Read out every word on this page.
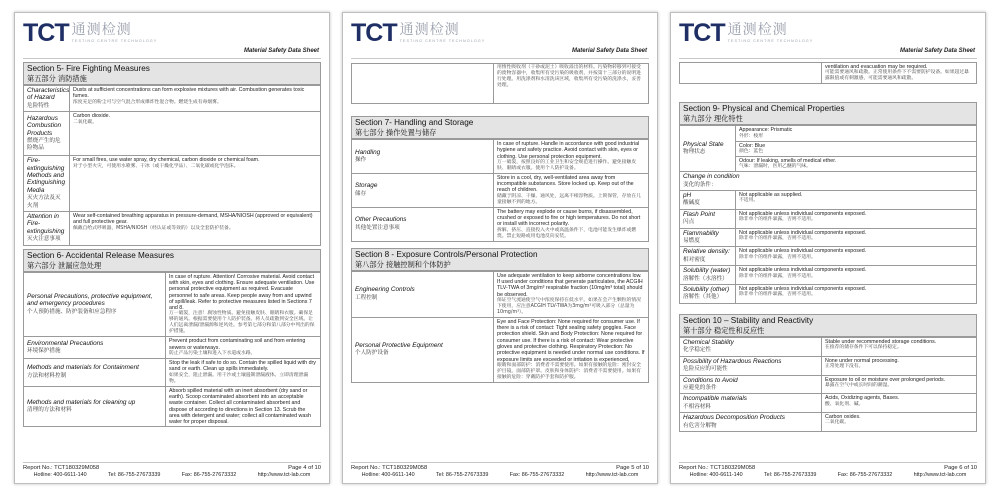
TCT 通测检测
TESTING CENTRE TECHNOLOGY
Material Safety Data Sheet
Section 5- Fire Fighting Measures
第五部分 消防措施
Characteristics of Hazard
危险特性	Dusts at sufficient concentrations can form explosive mixtures with air. Combustion generates toxic fumes.
浓度充足的粉尘可与空气混合形成爆炸性混合物。燃烧生成有毒烟雾。

Hazardous Combustion Products
燃烧产生的危险物品	Carbon dioxide.
二氧化碳。

Fire-extinguishing Methods and Extinguishing Media
灭火方法及灭火剂	For small fires, use water spray, dry chemical, carbon dioxide or chemical foam.
对于小型火灾，可使用水喷雾、干冰（或干燥化学品）、二氧化碳或化学泡沫。

Attention in Fire-extinguishing
灭火注意事项	Wear self-contained breathing apparatus in pressure-demand, MSHA/NIOSH (approved or equivalent) and full protective gear.
佩戴自给式呼吸器，MSHA/NIOSH（经认证或等效的）以及全套防护装备。
Section 6- Accidental Release Measures
第六部分 泄漏应急处理
Personal Precautions, protective equipment, and emergency procedures
个人预防措施、防护装备和应急程序	In case of rupture. Attention! Corrosive material. Avoid contact with skin, eyes and clothing. Ensure adequate ventilation. Use personal protective equipment as required. Evacuate personnel to safe areas. Keep people away from and upwind of spill/leak. Refer to protective measures listed in Sections 7 and 8.
万一破裂，注意！腐蚀性物质。避免接触皮肤、眼睛和衣服。确保足够的通风。根据需要使用个人防护装备。将人员疏散到安全区域。让人们远离泄漏/泄漏源和逆风处。参考第七部分和第八部分中列出的保护措施。

Environmental Precautions
环境保护措施	Prevent product from contaminating soil and from entering sewers or waterways.
防止产品污染土壤和进入下水道或水路。

Methods and materials for Containment
方法和材料控制	Stop the leak if safe to do so. Contain the spilled liquid with dry sand or earth. Clean up spills immediately.
如果安全，阻止泄漏。用干沙或土壤遏制泄漏液体。立即清理泄漏物。

Methods and materials for cleaning up
清理的方法和材料	Absorb spilled material with an inert absorbent (dry sand or earth). Scoop contaminated absorbent into an acceptable waste container. Collect all contaminated absorbent and dispose of according to directions in Section 13. Scrub the area with detergent and water; collect all contaminated wash water for proper disposal.
Report No.: TCT180329M058	Page 4 of 10
Hotline: 400-6611-140	Tel: 86-755-27673339	Fax: 86-755-27673332	http://www.tct-lab.com
TCT 通测检测
TESTING CENTRE TECHNOLOGY
Material Safety Data Sheet

用惰性吸收剂（干砂或泥土）吸收溢出的材料。污染物转移到可接受的废物容器中，收集所有受污染的吸收剂，并按第十三部分的说明进行处理。用洗涤剂和水清洗该区域，收集所有受污染的洗涤水，妥善处理。
Section 7- Handling and Storage
第七部分 操作处置与储存
Handling
操作	In case of rupture. Handle in accordance with good industrial hygiene and safety practice. Avoid contact with skin, eyes or clothing. Use personal protection equipment.
万一破裂，按照良好的工业卫生和安全规范进行操作。避免接触皮肤、眼睛或衣服。使用个人防护设备。

Storage
储存	Store in a cool, dry, well-ventilated area away from incompatible substances. Store locked up. Keep out of the reach of children.
储藏于阴凉、干燥、通风处，远离不相容物质。上锁保管，存放在儿童接触不到的地方。

Other Precautions
其他处置注意事项	The battery may explode or cause burns, if disassembled, crushed or exposed to fire or high temperatures. Do not short or install with incorrect polarity.
拆解、挤压、直接投入火中或高温条件下，电池可能发生爆炸或燃烧。禁止短路或用电池反向安装。
Section 8 - Exposure Controls/Personal Protection
第八部分 接触控制和个体防护
Engineering Controls
工程控制	Use adequate ventilation to keep airborne concentrations low. If used under conditions that generate particulates, the ACGIH TLV-TWA of 3mg/m³ respirable fraction (10mg/m³ total) should be observed.
保证空气流通使空气中浓度保持在低水平。如果在会产生颗粒的情况下使用，应注意ACGIH TLV-TWA为3mg/m³可吸入部分（总量为10mg/m³）。

Personal Protective Equipment
个人防护设备	Eye and Face Protection: None required for consumer use. If there is a risk of contact: Tight sealing safety goggles. Face protection shield. Skin and Body Protection: None required for consumer use. If there is a risk of contact: Wear protective gloves and protective clothing. Respiratory Protection: No protective equipment is needed under normal use conditions. If exposure limits are exceeded or irritation is experienced,
眼睛和面部防护：消费者不需要使用。如果有接触的危险：密封安全护目镜，面部防护罩。皮肤和身体防护：消费者不需要使用。如果有接触的危险：穿戴防护手套和防护服。
Report No.: TCT180329M058	Page 5 of 10
Hotline: 400-6611-140	Tel: 86-755-27673339	Fax: 86-755-27673332	http://www.tct-lab.com
TCT 通测检测
TESTING CENTRE TECHNOLOGY
Material Safety Data Sheet

ventilation and evacuation may be required.
可能需要通风和疏散。正常使用条件下不需要防护设备。如果超过暴露限值或有刺激感，可能需要通风和疏散。
Section 9- Physical and Chemical Properties
第九部分 理化特性
Physical State
物理状态	Appearance: Prismatic
外形：棱形

	Color: Blue
颜色：蓝色

	Odour: If leaking, smells of medical ether.
气味：泄漏时，医用乙醚的气味。

Change in condition
变化的条件：	

pH
酸碱度	Not applicable as supplied.
不适用。

Flash Point
闪点	Not applicable unless individual components exposed.
除非单个的组件暴露，否则不适用。

Flammability
易燃度	Not applicable unless individual components exposed.
除非单个的组件暴露，否则不适用。

Relative density:
相对密度	Not applicable unless individual components exposed.
除非单个的组件暴露，否则不适用。

Solubility (water)
溶解性（水溶性）	Not applicable unless individual components exposed.
除非单个的组件暴露，否则不适用。

Solubility (other)
溶解性（其他）	Not applicable unless individual components exposed.
除非单个的组件暴露，否则不适用。
Section 10 – Stability and Reactivity
第十部分 稳定性和反应性
Chemical Stability
化学稳定性	Stable under recommended storage conditions.
在推荐的储存条件下可以保持稳定。

Possibility of Hazardous Reactions
危险反应的可能性	None under normal processing.
正常处理下没有。

Conditions to Avoid
应避免的条件	Exposure to oil or moisture over prolonged periods.
暴露在空气中或长时间的潮湿。

Incompatible materials
不相容材料	Acids, Oxidizing agents, Bases.
酸、氧化剂、碱。

Hazardous Decomposition Products
有危害分解物	Carbon oxides.
二氧化碳。
Report No.: TCT180329M058	Page 6 of 10
Hotline: 400-6611-140	Tel: 86-755-27673339	Fax: 86-755-27673332	http://www.tct-lab.com
